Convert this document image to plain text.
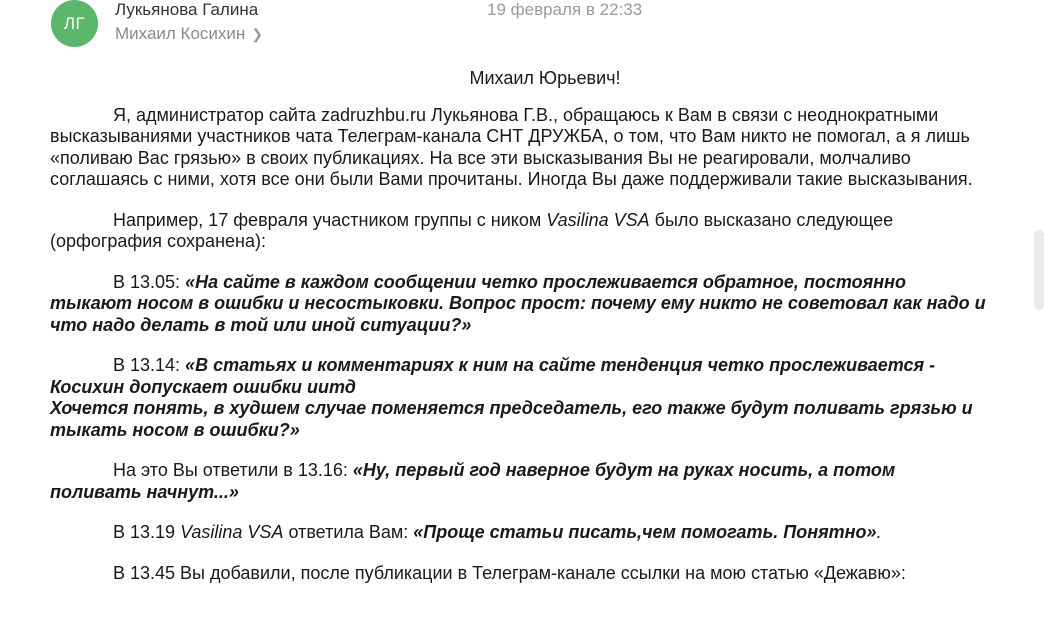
ЛГ
Лукьянова Галина	19 февраля в 22:33
Михаил Косихин ❯
Михаил Юрьевич!

Я, администратор сайта zadruzhbu.ru Лукьянова Г.В., обращаюсь к Вам в связи с неоднократными высказываниями участников чата Телеграм-канала СНТ ДРУЖБА, о том, что Вам никто не помогал, а я лишь «поливаю Вас грязью» в своих публикациях. На все эти высказывания Вы не реагировали, молчаливо соглашаясь с ними, хотя все они были Вами прочитаны. Иногда Вы даже поддерживали такие высказывания.

Например, 17 февраля участником группы с ником Vasilina VSA было высказано следующее (орфография сохранена):

В 13.05: «На сайте в каждом сообщении четко прослеживается обратное, постоянно тыкают носом в ошибки и несостыковки. Вопрос прост: почему ему никто не советовал как надо и что надо делать в той или иной ситуации?»

В 13.14: «В статьях и комментариях к ним на сайте тенденция четко прослеживается - Косихин допускает ошибки иитд
Хочется понять, в худшем случае поменяется председатель, его также будут поливать грязью и тыкать носом в ошибки?»

На это Вы ответили в 13.16: «Ну, первый год наверное будут на руках носить, а потом поливать начнут...»

В 13.19 Vasilina VSA ответила Вам: «Проще статьи писать,чем помогать. Понятно».

В 13.45 Вы добавили, после публикации в Телеграм-канале ссылки на мою статью «Дежавю»:
